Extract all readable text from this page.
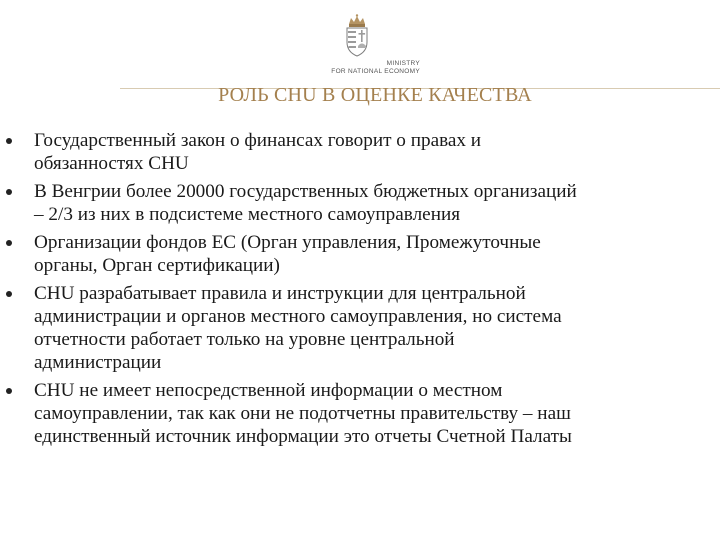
MINISTRY
FOR NATIONAL ECONOMY
РОЛЬ CHU В ОЦЕНКЕ КАЧЕСТВА
Государственный закон о финансах говорит о правах и
обязанностях CHU
В Венгрии более 20000 государственных бюджетных организаций
– 2/3 из них в подсистеме местного самоуправления
Организации фондов ЕС (Орган управления, Промежуточные
органы, Орган сертификации)
CHU разрабатывает правила и инструкции для центральной
администрации и органов местного самоуправления, но система
отчетности работает только на уровне центральной
администрации
CHU не имеет непосредственной информации о местном
самоуправлении, так как они не подотчетны правительству – наш
единственный источник информации это отчеты Счетной Палаты
